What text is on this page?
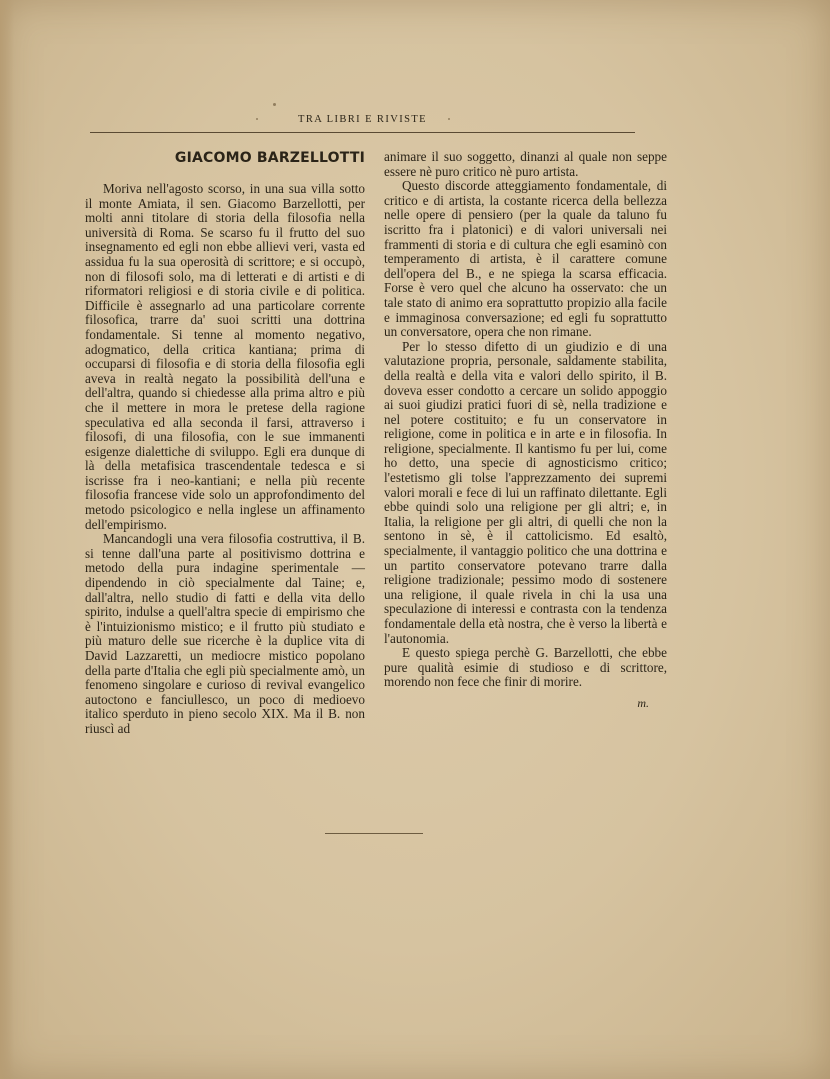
TRA LIBRI E RIVISTE
GIACOMO BARZELLOTTI

Moriva nell'agosto scorso, in una sua villa sotto il monte Amiata, il sen. Giacomo Barzellotti, per molti anni titolare di storia della filosofia nella università di Roma. Se scarso fu il frutto del suo insegnamento ed egli non ebbe allievi veri, vasta ed assidua fu la sua operosità di scrittore; e si occupò, non di filosofi solo, ma di letterati e di artisti e di riformatori religiosi e di storia civile e di politica. Difficile è assegnarlo ad una particolare corrente filosofica, trarre da' suoi scritti una dottrina fondamentale. Si tenne al momento negativo, adogmatico, della critica kantiana; prima di occuparsi di filosofia e di storia della filosofia egli aveva in realtà negato la possibilità dell'una e dell'altra, quando si chiedesse alla prima altro e più che il mettere in mora le pretese della ragione speculativa ed alla seconda il farsi, attraverso i filosofi, di una filosofia, con le sue immanenti esigenze dialettiche di sviluppo. Egli era dunque di là della metafisica trascendentale tedesca e si iscrisse fra i neo-kantiani; e nella più recente filosofia francese vide solo un approfondimento del metodo psicologico e nella inglese un affinamento dell'empirismo.

Mancandogli una vera filosofia costruttiva, il B. si tenne dall'una parte al positivismo dottrina e metodo della pura indagine sperimentale — dipendendo in ciò specialmente dal Taine; e, dall'altra, nello studio di fatti e della vita dello spirito, indulse a quell'altra specie di empirismo che è l'intuizionismo mistico; e il frutto più studiato e più maturo delle sue ricerche è la duplice vita di David Lazzaretti, un mediocre mistico popolano della parte d'Italia che egli più specialmente amò, un fenomeno singolare e curioso di revival evangelico autoctono e fanciullesco, un poco di medioevo italico sperduto in pieno secolo XIX. Ma il B. non riuscì ad

animare il suo soggetto, dinanzi al quale non seppe essere nè puro critico nè puro artista.

Questo discorde atteggiamento fondamentale, di critico e di artista, la costante ricerca della bellezza nelle opere di pensiero (per la quale da taluno fu iscritto fra i platonici) e di valori universali nei frammenti di storia e di cultura che egli esaminò con temperamento di artista, è il carattere comune dell'opera del B., e ne spiega la scarsa efficacia. Forse è vero quel che alcuno ha osservato: che un tale stato di animo era soprattutto propizio alla facile e immaginosa conversazione; ed egli fu soprattutto un conversatore, opera che non rimane.

Per lo stesso difetto di un giudizio e di una valutazione propria, personale, saldamente stabilita, della realtà e della vita e valori dello spirito, il B. doveva esser condotto a cercare un solido appoggio ai suoi giudizi pratici fuori di sè, nella tradizione e nel potere costituito; e fu un conservatore in religione, come in politica e in arte e in filosofia. In religione, specialmente. Il kantismo fu per lui, come ho detto, una specie di agnosticismo critico; l'estetismo gli tolse l'apprezzamento dei supremi valori morali e fece di lui un raffinato dilettante. Egli ebbe quindi solo una religione per gli altri; e, in Italia, la religione per gli altri, di quelli che non la sentono in sè, è il cattolicismo. Ed esaltò, specialmente, il vantaggio politico che una dottrina e un partito conservatore potevano trarre dalla religione tradizionale; pessimo modo di sostenere una religione, il quale rivela in chi la usa una speculazione di interessi e contrasta con la tendenza fondamentale della età nostra, che è verso la libertà e l'autonomia.

E questo spiega perchè G. Barzellotti, che ebbe pure qualità esimie di studioso e di scrittore, morendo non fece che finir di morire.

m.
